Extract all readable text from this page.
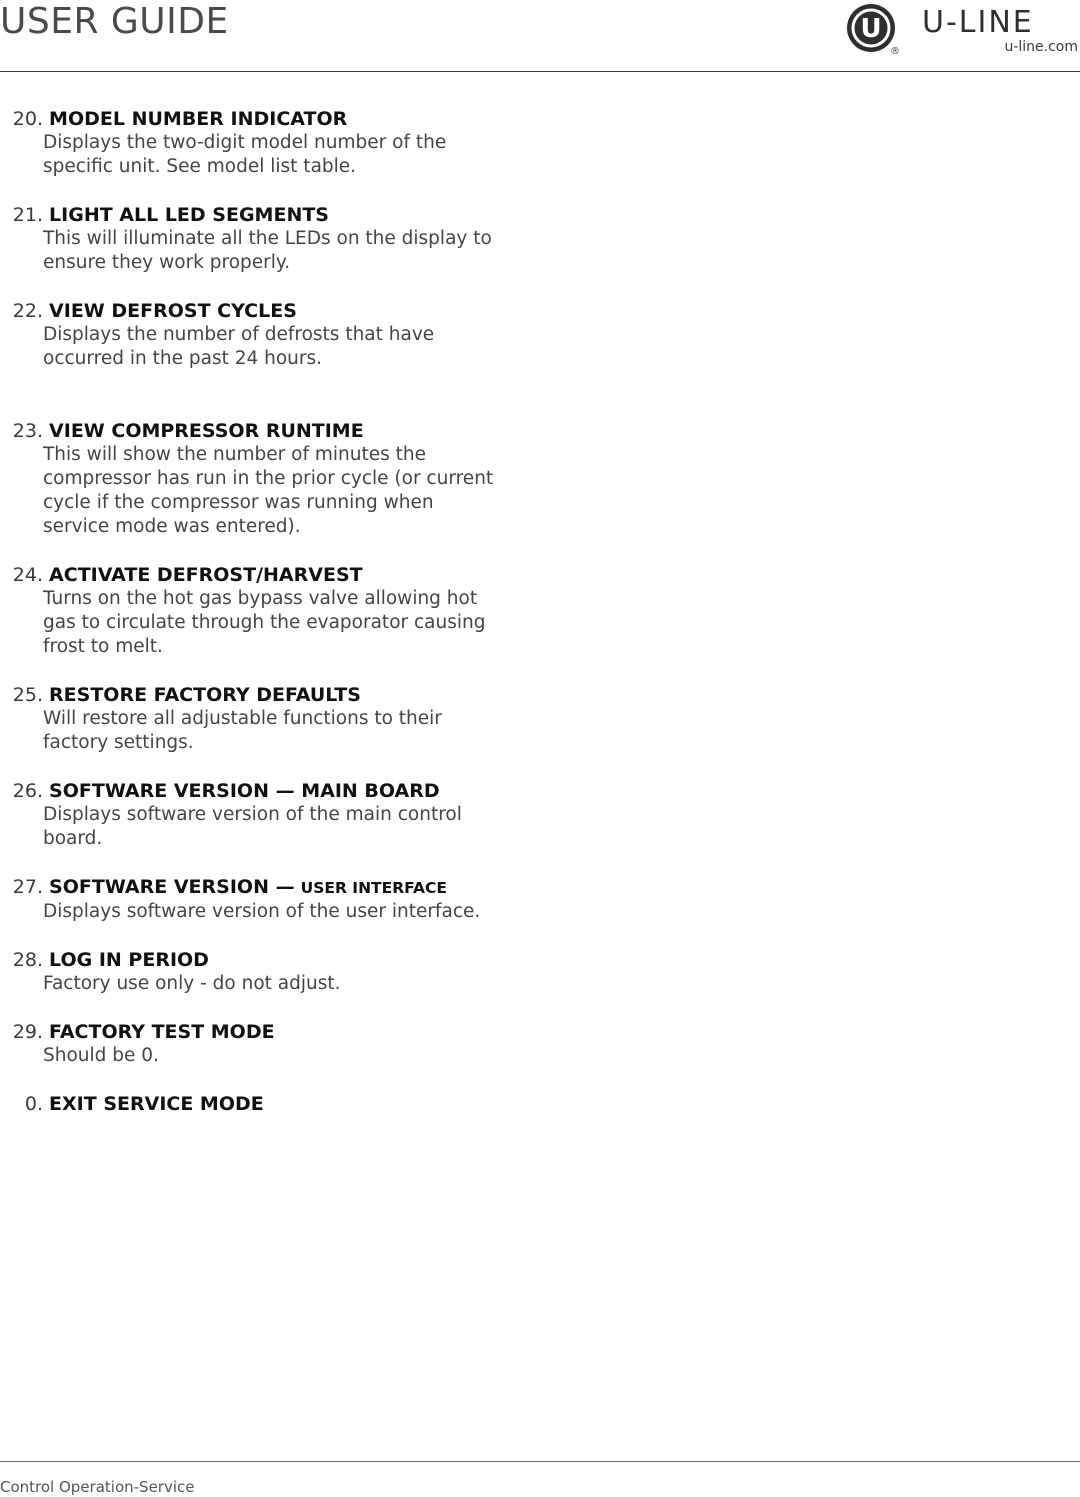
USER GUIDE	U
®
U-LINE
u-line.com
20. MODEL NUMBER INDICATOR
Displays the two-digit model number of the specific unit. See model list table.
21. LIGHT ALL LED SEGMENTS
This will illuminate all the LEDs on the display to ensure they work properly.
22. VIEW DEFROST CYCLES
Displays the number of defrosts that have occurred in the past 24 hours.
23. VIEW COMPRESSOR RUNTIME
This will show the number of minutes the compressor has run in the prior cycle (or current cycle if the compressor was running when service mode was entered).
24. ACTIVATE DEFROST/HARVEST
Turns on the hot gas bypass valve allowing hot gas to circulate through the evaporator causing frost to melt.
25. RESTORE FACTORY DEFAULTS
Will restore all adjustable functions to their factory settings.
26. SOFTWARE VERSION — MAIN BOARD
Displays software version of the main control board.
27. SOFTWARE VERSION — USER INTERFACE
Displays software version of the user interface.
28. LOG IN PERIOD
Factory use only - do not adjust.
29. FACTORY TEST MODE
Should be 0.
0. EXIT SERVICE MODE
Control Operation-Service
